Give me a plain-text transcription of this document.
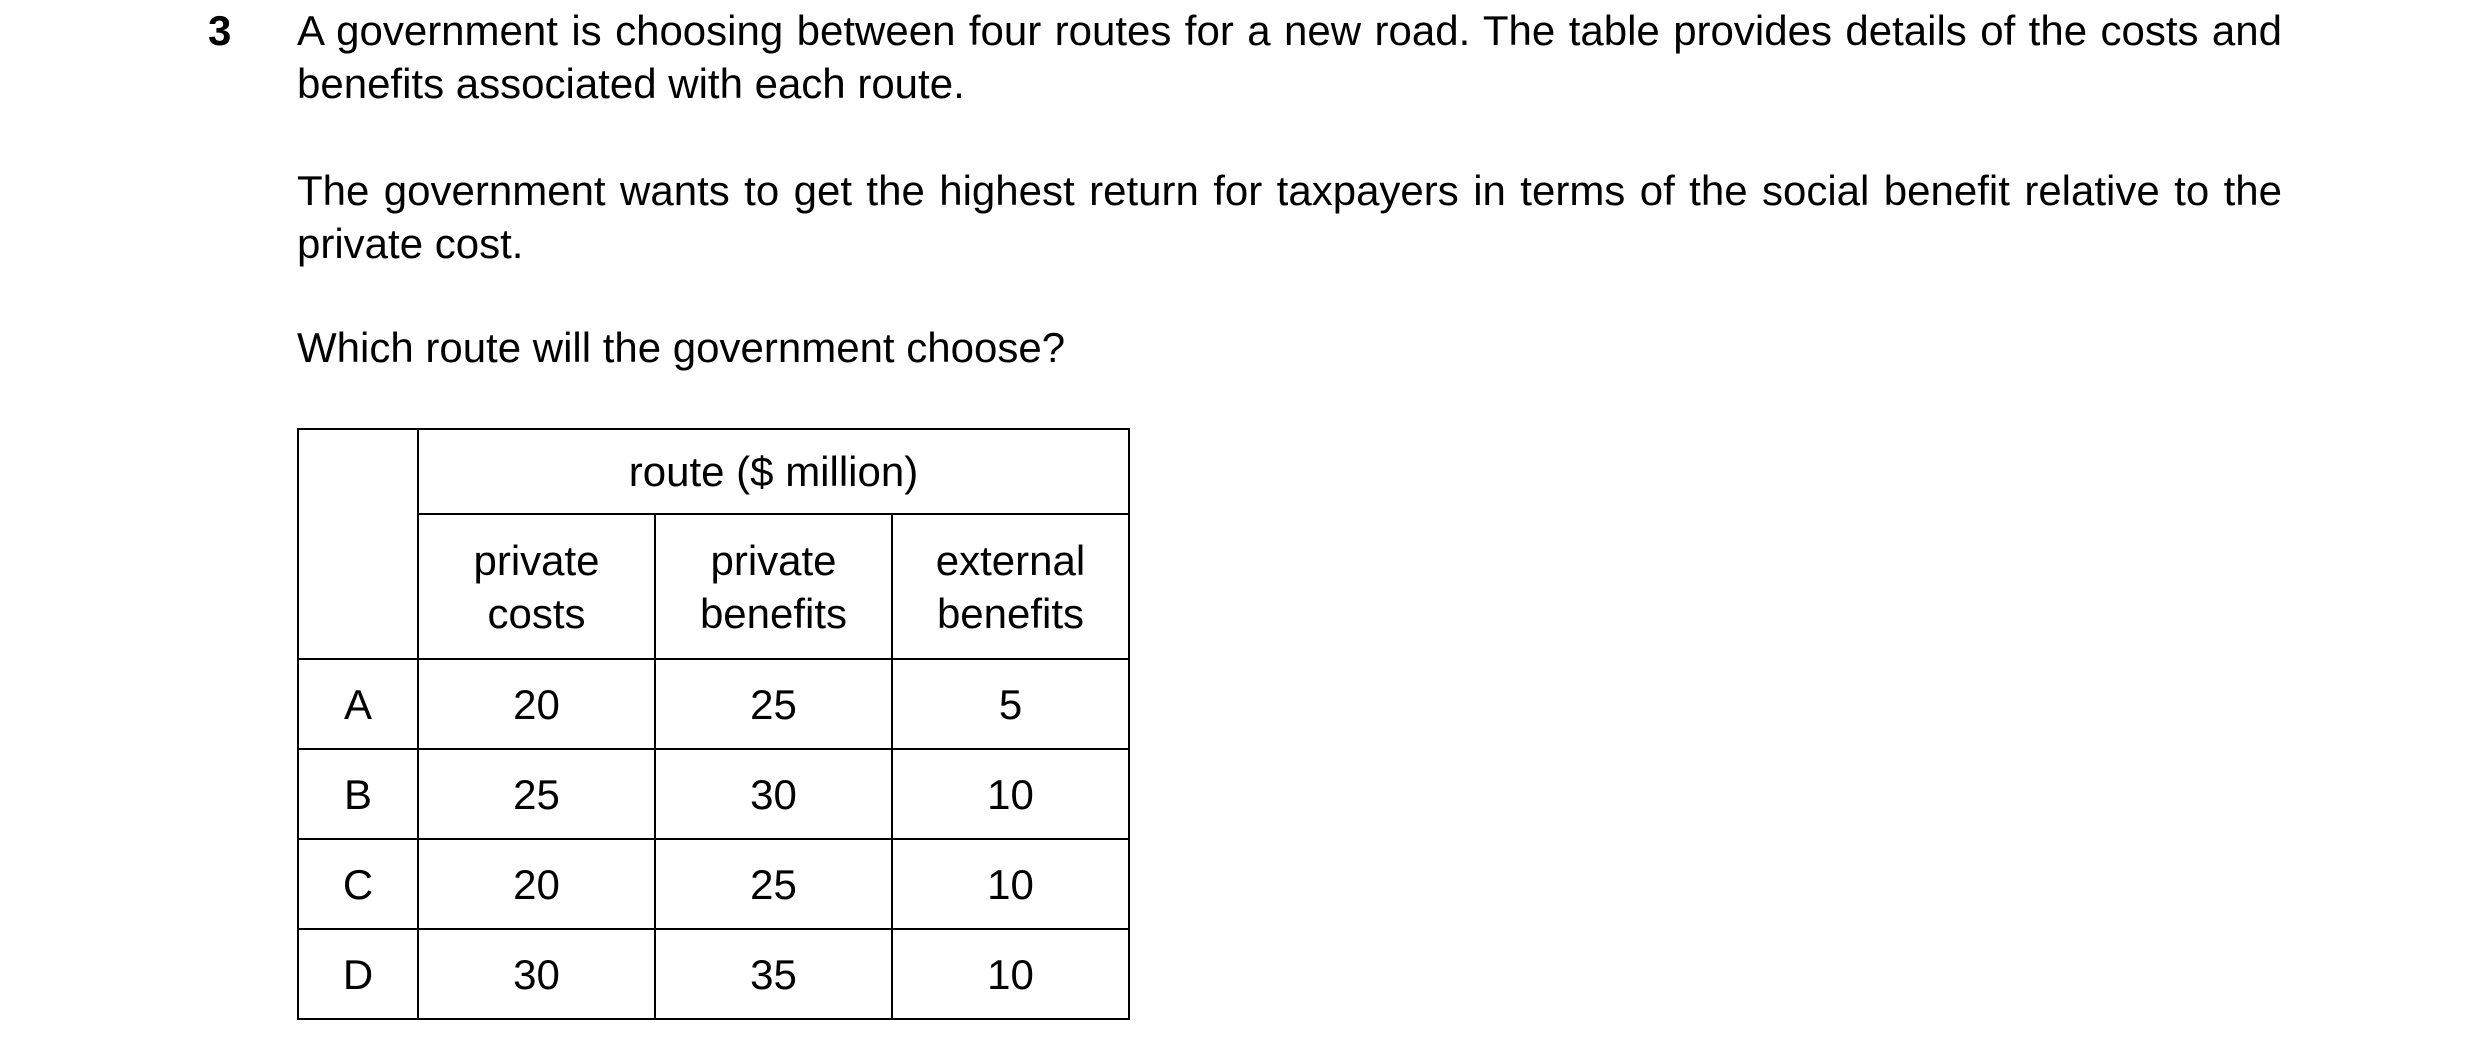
3 A government is choosing between four routes for a new road. The table provides details of the costs and benefits associated with each route.

The government wants to get the highest return for taxpayers in terms of the social benefit relative to the private cost.

Which route will the government choose?

	route ($ million)		
	private costs	private benefits	external benefits
A	20	25	5
B	25	30	10
C	20	25	10
D	30	35	10
